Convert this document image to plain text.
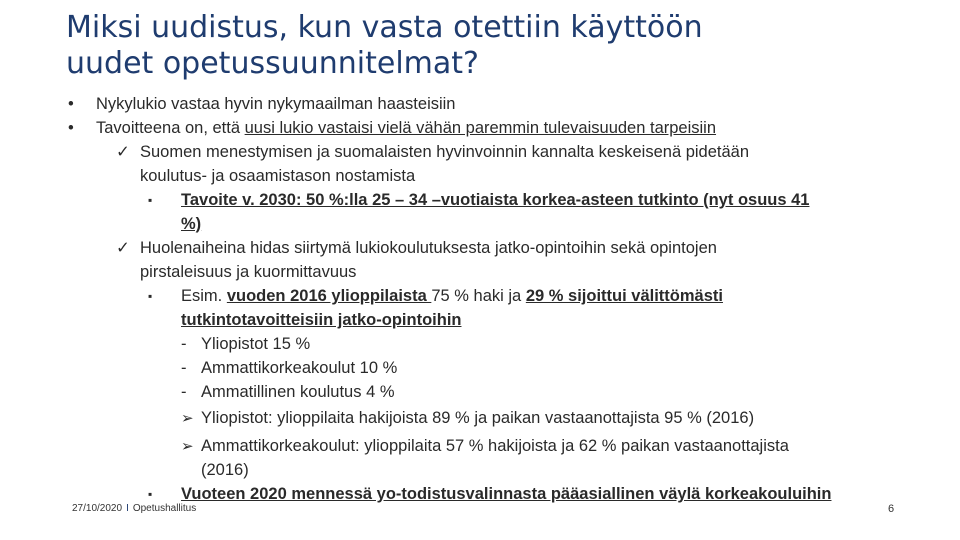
Miksi uudistus, kun vasta otettiin käyttöön
uudet opetussuunnitelmat?
• Nykylukio vastaa hyvin nykymaailman haasteisiin
• Tavoitteena on, että uusi lukio vastaisi vielä vähän paremmin tulevaisuuden tarpeisiin
✓ Suomen menestymisen ja suomalaisten hyvinvoinnin kannalta keskeisenä pidetään
koulutus- ja osaamistason nostamista
▪ Tavoite v. 2030: 50 %:lla 25 – 34 –vuotiaista korkea-asteen tutkinto (nyt osuus 41
%)
✓ Huolenaiheina hidas siirtymä lukiokoulutuksesta jatko-opintoihin sekä opintojen
pirstaleisuus ja kuormittavuus
▪ Esim. vuoden 2016 ylioppilaista 75 % haki ja 29 % sijoittui välittömästi
tutkintotavoitteisiin jatko-opintoihin
- Yliopistot 15 %
- Ammattikorkeakoulut 10 %
- Ammatillinen koulutus 4 %
➢ Yliopistot: ylioppilaita hakijoista 89 % ja paikan vastaanottajista 95 % (2016)
➢ Ammattikorkeakoulut: ylioppilaita 57 % hakijoista ja 62 % paikan vastaanottajista
(2016)
▪ Vuoteen 2020 mennessä yo-todistusvalinnasta pääasiallinen väylä korkeakouluihin
27/10/2020 I Opetushallitus	6
